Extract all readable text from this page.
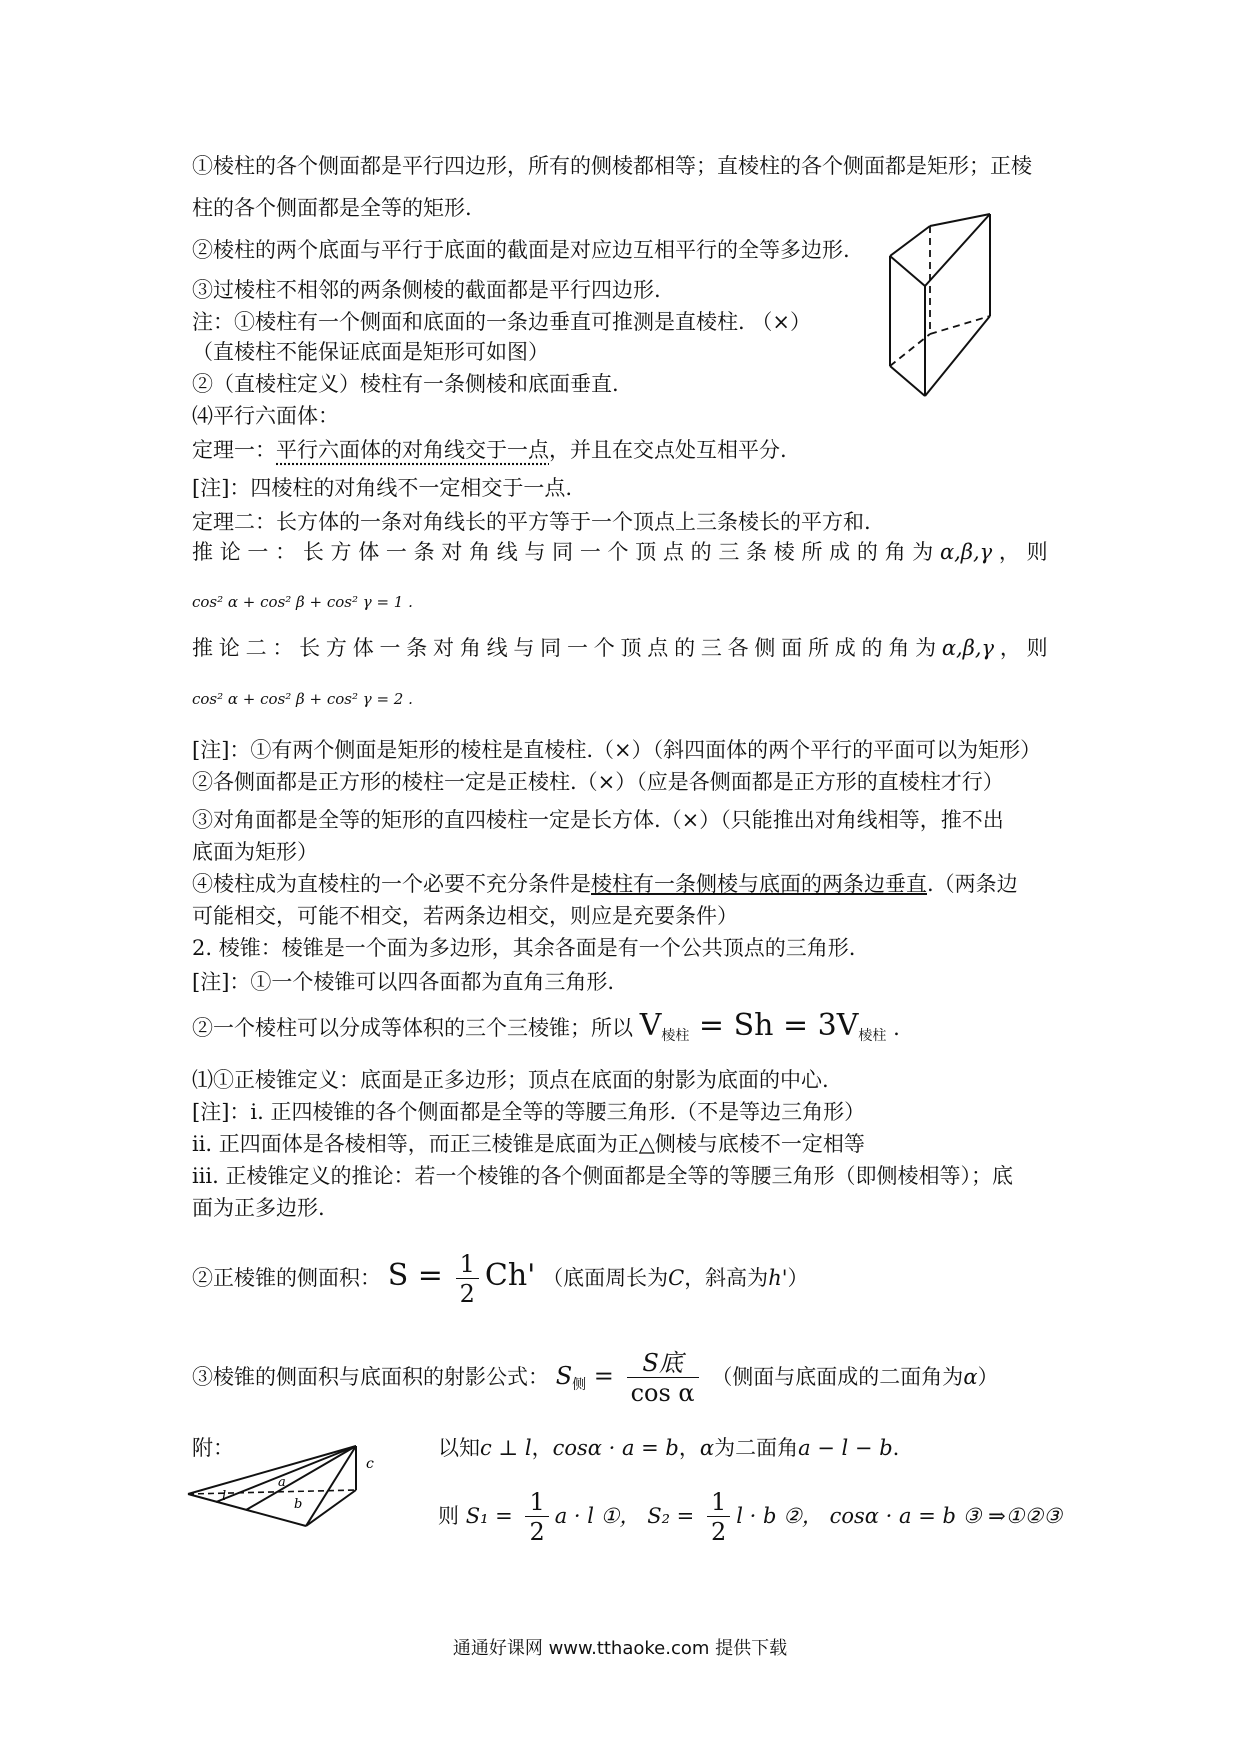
①棱柱的各个侧面都是平行四边形，所有的侧棱都相等；直棱柱的各个侧面都是矩形；正棱
柱的各个侧面都是全等的矩形.
②棱柱的两个底面与平行于底面的截面是对应边互相平行的全等多边形.
③过棱柱不相邻的两条侧棱的截面都是平行四边形.
注：①棱柱有一个侧面和底面的一条边垂直可推测是直棱柱. （×）
（直棱柱不能保证底面是矩形可如图）
②（直棱柱定义）棱柱有一条侧棱和底面垂直.
⑷平行六面体：
定理一：平行六面体的对角线交于一点，并且在交点处互相平分.
[注]：四棱柱的对角线不一定相交于一点.
定理二：长方体的一条对角线长的平方等于一个顶点上三条棱长的平方和.
推 论 一 ： 长 方 体 一 条 对 角 线 与 同 一 个 顶 点 的 三 条 棱 所 成 的 角 为 α,β,γ ， 则
cos² α + cos² β + cos² γ = 1 .
推 论 二 ： 长 方 体 一 条 对 角 线 与 同 一 个 顶 点 的 三 各 侧 面 所 成 的 角 为 α,β,γ ， 则
cos² α + cos² β + cos² γ = 2 .
[注]：①有两个侧面是矩形的棱柱是直棱柱.（×）（斜四面体的两个平行的平面可以为矩形）
②各侧面都是正方形的棱柱一定是正棱柱.（×）（应是各侧面都是正方形的直棱柱才行）
③对角面都是全等的矩形的直四棱柱一定是长方体.（×）（只能推出对角线相等，推不出
底面为矩形）
④棱柱成为直棱柱的一个必要不充分条件是棱柱有一条侧棱与底面的两条边垂直.（两条边
可能相交，可能不相交，若两条边相交，则应是充要条件）
2. 棱锥：棱锥是一个面为多边形，其余各面是有一个公共顶点的三角形.
[注]：①一个棱锥可以四各面都为直角三角形.
②一个棱柱可以分成等体积的三个三棱锥；所以 $V_{棱柱} = Sh = 3V_{棱柱}$ .
⑴①正棱锥定义：底面是正多边形；顶点在底面的射影为底面的中心.
[注]：i. 正四棱锥的各个侧面都是全等的等腰三角形.（不是等边三角形）
ii. 正四面体是各棱相等，而正三棱锥是底面为正△侧棱与底棱不一定相等
iii. 正棱锥定义的推论：若一个棱锥的各个侧面都是全等的等腰三角形（即侧棱相等）；底
面为正多边形.
②正棱锥的侧面积： $S = \frac{1}{2} Ch'$ （底面周长为C，斜高为h'）
③棱锥的侧面积与底面积的射影公式： $S_侧 = \frac{\text{S底}}{\text{cos α}}$ （侧面与底面成的二面角为α）
附：	以知c ⊥ l，cosα · a = b，α为二面角a − l − b.
则 $S_1 = \frac{1}{2}$ a · l ①， $S_2 = \frac{1}{2}$ l · b ②， cosα · a = b ③ ⇒①②③
c
a
b
l
通通好课网 www.tthaoke.com 提供下载
